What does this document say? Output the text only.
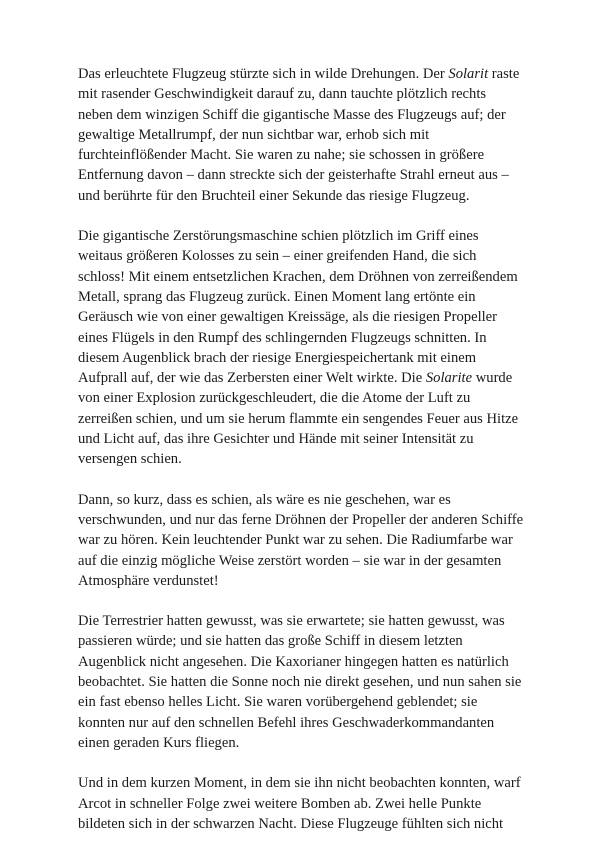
Das erleuchtete Flugzeug stürzte sich in wilde Drehungen. Der Solarit raste
mit rasender Geschwindigkeit darauf zu, dann tauchte plötzlich rechts
neben dem winzigen Schiff die gigantische Masse des Flugzeugs auf; der
gewaltige Metallrumpf, der nun sichtbar war, erhob sich mit
furchteinflößender Macht. Sie waren zu nahe; sie schossen in größere
Entfernung davon – dann streckte sich der geisterhafte Strahl erneut aus –
und berührte für den Bruchteil einer Sekunde das riesige Flugzeug.
Die gigantische Zerstörungsmaschine schien plötzlich im Griff eines
weitaus größeren Kolosses zu sein – einer greifenden Hand, die sich
schloss! Mit einem entsetzlichen Krachen, dem Dröhnen von zerreißendem
Metall, sprang das Flugzeug zurück. Einen Moment lang ertönte ein
Geräusch wie von einer gewaltigen Kreissäge, als die riesigen Propeller
eines Flügels in den Rumpf des schlingernden Flugzeugs schnitten. In
diesem Augenblick brach der riesige Energiespeichertank mit einem
Aufprall auf, der wie das Zerbersten einer Welt wirkte. Die Solarite wurde
von einer Explosion zurückgeschleudert, die die Atome der Luft zu
zerreißen schien, und um sie herum flammte ein sengendes Feuer aus Hitze
und Licht auf, das ihre Gesichter und Hände mit seiner Intensität zu
versengen schien.
Dann, so kurz, dass es schien, als wäre es nie geschehen, war es
verschwunden, und nur das ferne Dröhnen der Propeller der anderen Schiffe
war zu hören. Kein leuchtender Punkt war zu sehen. Die Radiumfarbe war
auf die einzig mögliche Weise zerstört worden – sie war in der gesamten
Atmosphäre verdunstet!
Die Terrestrier hatten gewusst, was sie erwartete; sie hatten gewusst, was
passieren würde; und sie hatten das große Schiff in diesem letzten
Augenblick nicht angesehen. Die Kaxorianer hingegen hatten es natürlich
beobachtet. Sie hatten die Sonne noch nie direkt gesehen, und nun sahen sie
ein fast ebenso helles Licht. Sie waren vorübergehend geblendet; sie
konnten nur auf den schnellen Befehl ihres Geschwaderkommandanten
einen geraden Kurs fliegen.
Und in dem kurzen Moment, in dem sie ihn nicht beobachten konnten, warf
Arcot in schneller Folge zwei weitere Bomben ab. Zwei helle Punkte
bildeten sich in der schwarzen Nacht. Diese Flugzeuge fühlten sich nicht
